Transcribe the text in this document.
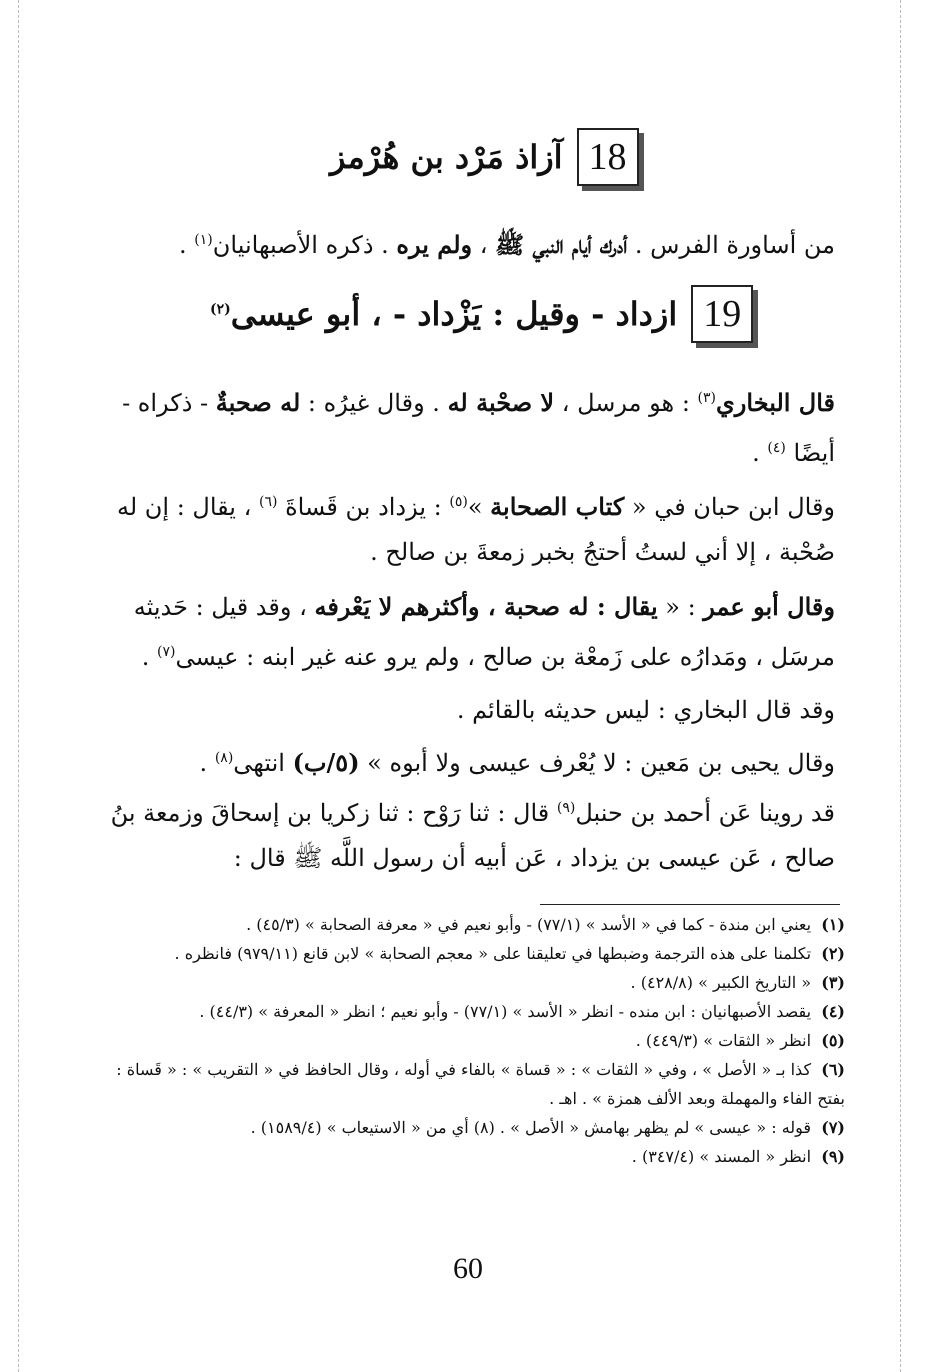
18
آزاذ مَرْد بن هُرْمز
من أساورة الفرس . أدرك أيام النبي ﷺ ، ولم يره . ذكره الأصبهانيان$^{(١)}$ .
19
ازداد - وقيل : يَزْداد - ، أبو عيسى$^{(٢)}$
قال البخاري$^{(٣)}$ : هو مرسل ، لا صحْبة له . وقال غيرُه : له صحبةٌ - ذكراه - أيضًا $^{(٤)}$ .
وقال ابن حبان في « كتاب الصحابة »$^{(٥)}$ : يزداد بن قَساةَ $^{(٦)}$ ، يقال : إن له صُحْبة ، إلا أني لستُ أحتجُ بخبر زمعةَ بن صالح .
وقال أبو عمر : « يقال : له صحبة ، وأكثرهم لا يَعْرفه ، وقد قيل : حَديثه مرسَل ، ومَدارُه على زَمعْة بن صالح ، ولم يرو عنه غير ابنه : عيسى$^{(٧)}$ .
وقد قال البخاري : ليس حديثه بالقائم .
وقال يحيى بن مَعين : لا يُعْرف عيسى ولا أبوه » (٥/ب) انتهى$^{(٨)}$ .
قد روينا عَن أحمد بن حنبل$^{(٩)}$ قال : ثنا رَوْح : ثنا زكريا بن إسحاقَ وزمعة بنُ صالح ، عَن عيسى بن يزداد ، عَن أبيه أن رسول اللَّه ﷺ قال :

(١)  يعني ابن مندة - كما في « الأسد » (٧٧/١) - وأبو نعيم في « معرفة الصحابة » (٤٥/٣) .

(٢)  تكلمنا على هذه الترجمة وضبطها في تعليقنا على « معجم الصحابة » لابن قانع (٩٧٩/١١) فانظره .

(٣)  « التاريخ الكبير » (٤٢٨/٨) .

(٤)  يقصد الأصبهانيان : ابن منده - انظر « الأسد » (٧٧/١) - وأبو نعيم ؛ انظر « المعرفة » (٤٤/٣) .

(٥)  انظر « الثقات » (٤٤٩/٣) .

(٦)  كذا بـ « الأصل » ، وفي « الثقات » : « قساة » بالفاء في أوله ، وقال الحافظ في « التقريب » : « قَساة : بفتح الفاء والمهملة وبعد الألف همزة » . اهـ .

(٧)  قوله : « عيسى » لم يظهر بهامش « الأصل » . (٨) أي من « الاستيعاب » (١٥٨٩/٤) .

(٩)  انظر « المسند » (٣٤٧/٤) .

60
